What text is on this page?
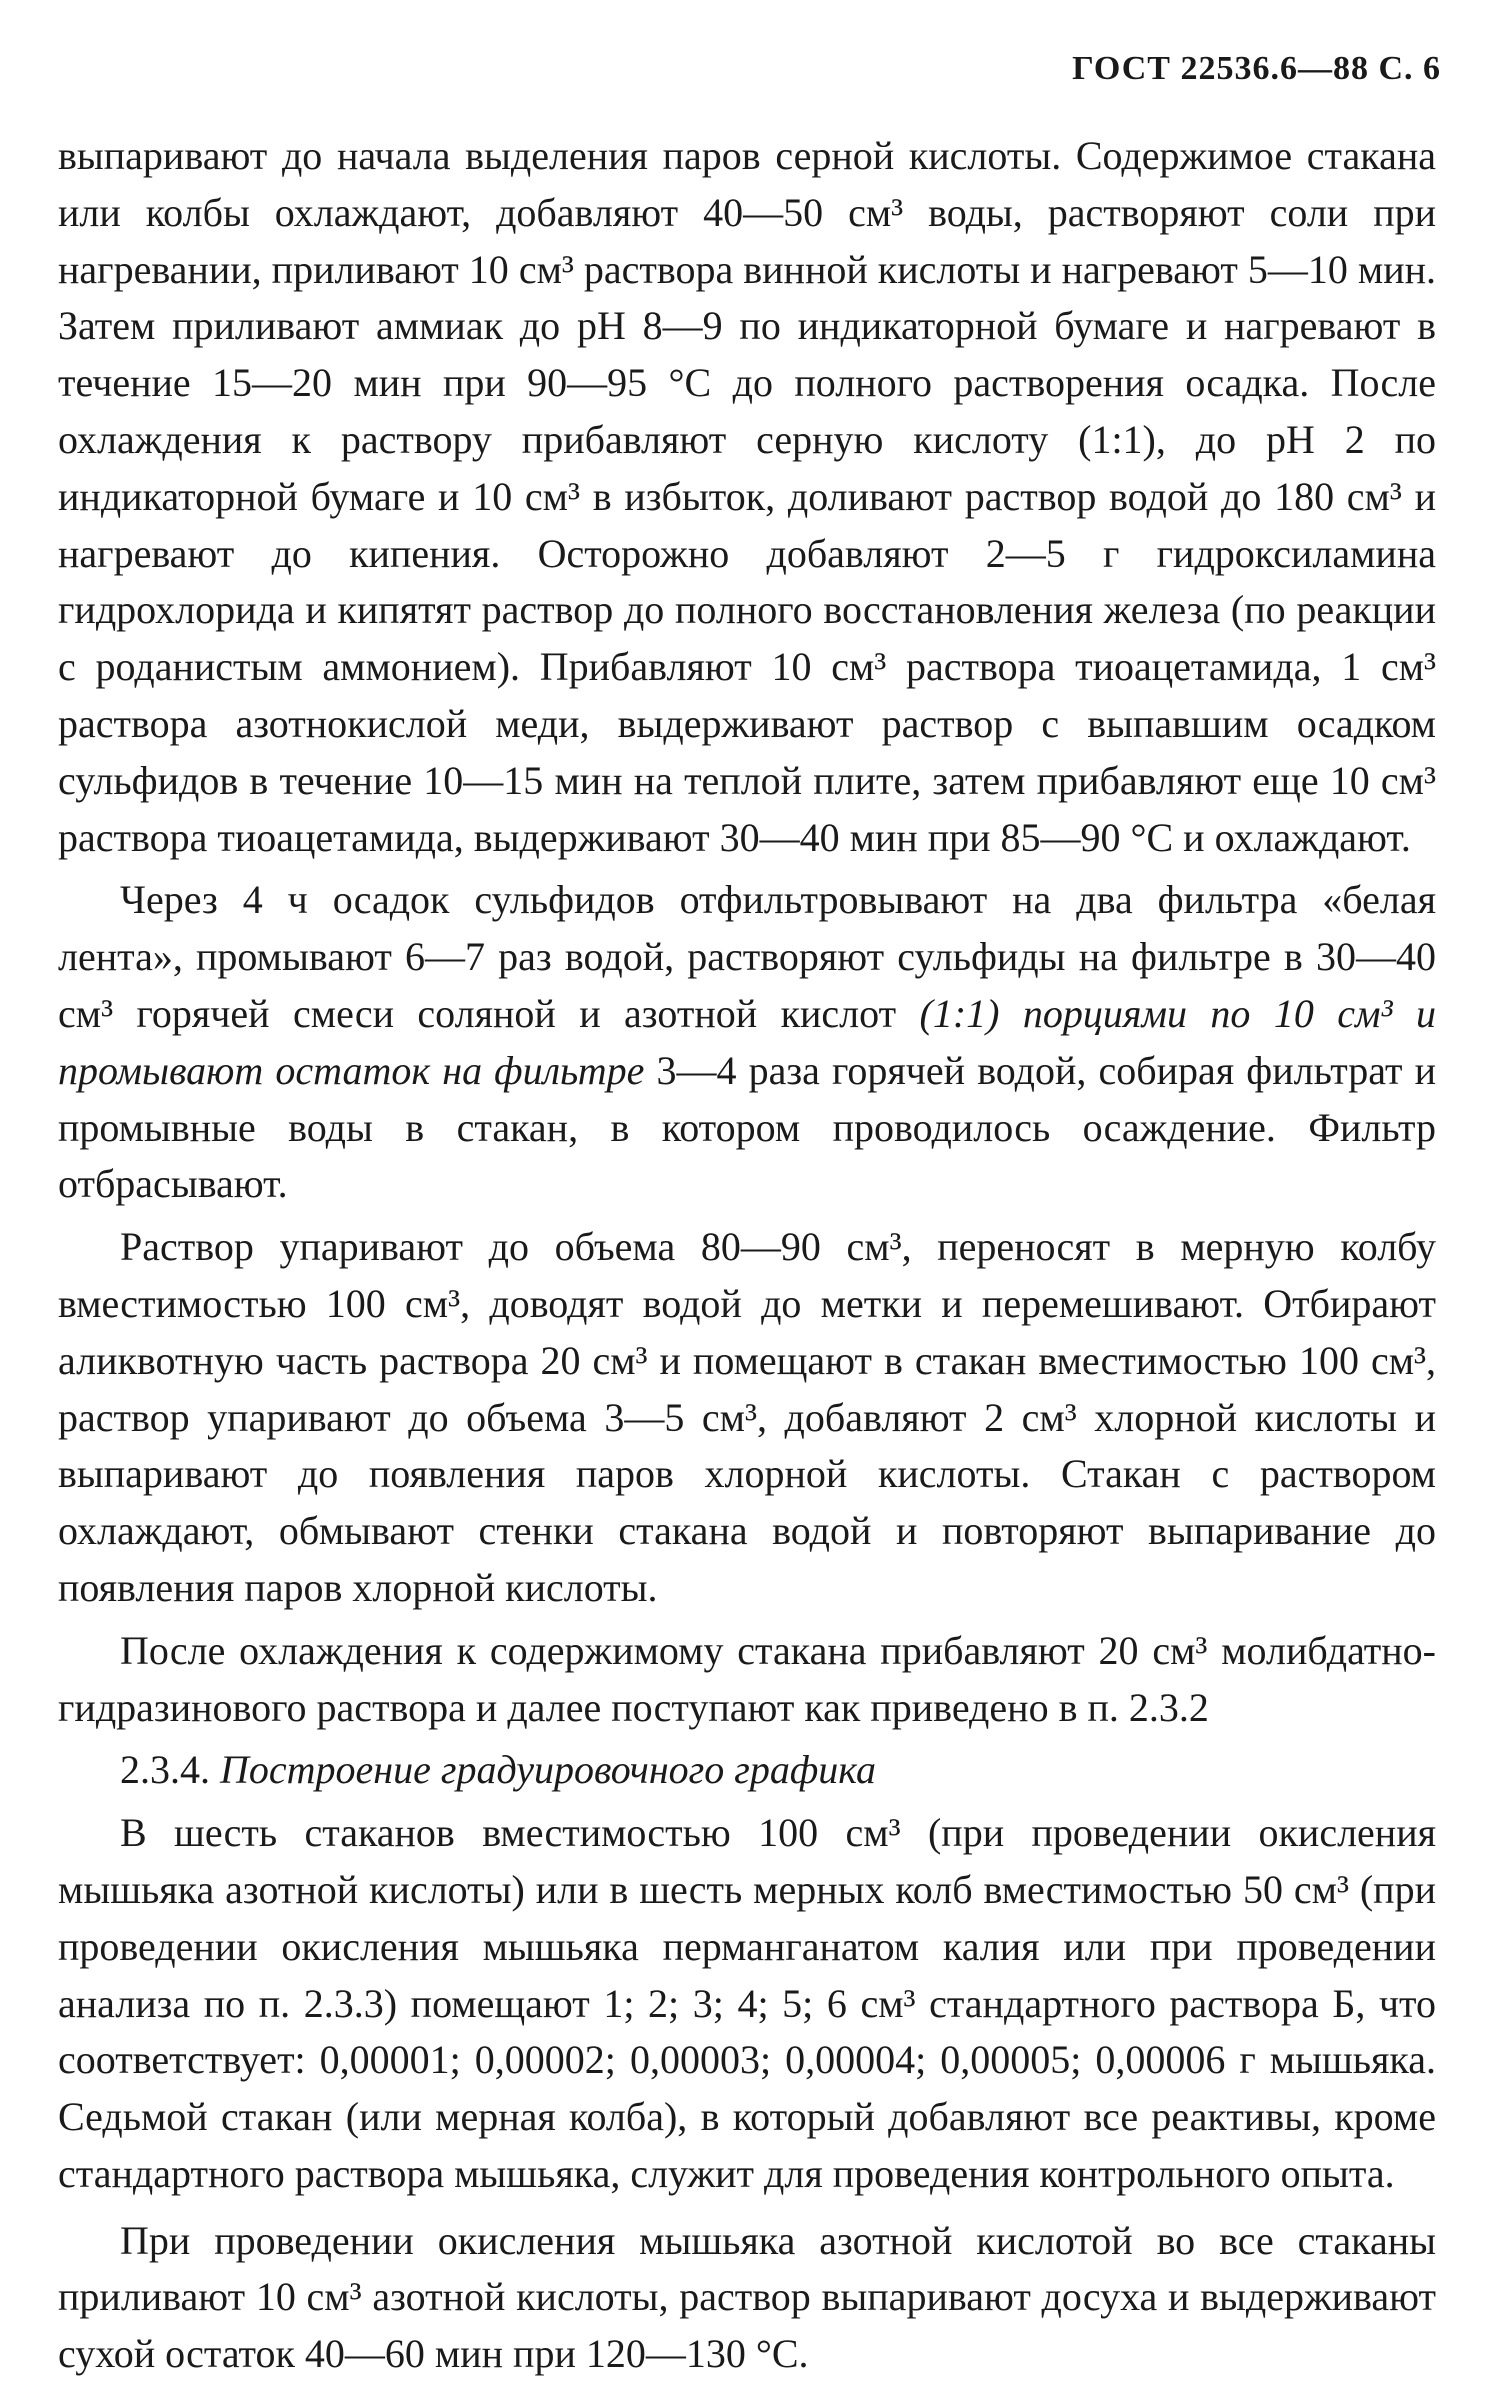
ГОСТ 22536.6—88 С. 6

выпаривают до начала выделения паров серной кислоты. Содержимое стакана или колбы охлаждают, добавляют 40—50 см³ воды, растворяют соли при нагревании, приливают 10 см³ раствора винной кислоты и нагревают 5—10 мин. Затем приливают аммиак до рН 8—9 по индикаторной бумаге и нагревают в течение 15—20 мин при 90—95 °С до полного растворения осадка. После охлаждения к раствору прибавляют серную кислоту (1:1), до рН 2 по индикаторной бумаге и 10 см³ в избыток, доливают раствор водой до 180 см³ и нагревают до кипения. Осторожно добавляют 2—5 г гидроксиламина гидрохлорида и кипятят раствор до полного восстановления железа (по реакции с роданистым аммонием). Прибавляют 10 см³ раствора тиоацетамида, 1 см³ раствора азотнокислой меди, выдерживают раствор с выпавшим осадком сульфидов в течение 10—15 мин на теплой плите, затем прибавляют еще 10 см³ раствора тиоацетамида, выдерживают 30—40 мин при 85—90 °С и охлаждают.

Через 4 ч осадок сульфидов отфильтровывают на два фильтра «белая лента», промывают 6—7 раз водой, растворяют сульфиды на фильтре в 30—40 см³ горячей смеси соляной и азотной кислот (1:1) порциями по 10 см³ и промывают остаток на фильтре 3—4 раза горячей водой, собирая фильтрат и промывные воды в стакан, в котором проводилось осаждение. Фильтр отбрасывают.

Раствор упаривают до объема 80—90 см³, переносят в мерную колбу вместимостью 100 см³, доводят водой до метки и перемешивают. Отбирают аликвотную часть раствора 20 см³ и помещают в стакан вместимостью 100 см³, раствор упаривают до объема 3—5 см³, добавляют 2 см³ хлорной кислоты и выпаривают до появления паров хлорной кислоты. Стакан с раствором охлаждают, обмывают стенки стакана водой и повторяют выпаривание до появления паров хлорной кислоты.

После охлаждения к содержимому стакана прибавляют 20 см³ молибдатно-гидразинового раствора и далее поступают как приведено в п. 2.3.2

2.3.4. Построение градуировочного графика

В шесть стаканов вместимостью 100 см³ (при проведении окисления мышьяка азотной кислоты) или в шесть мерных колб вместимостью 50 см³ (при проведении окисления мышьяка перманганатом калия или при проведении анализа по п. 2.3.3) помещают 1; 2; 3; 4; 5; 6 см³ стандартного раствора Б, что соответствует: 0,00001; 0,00002; 0,00003; 0,00004; 0,00005; 0,00006 г мышьяка. Седьмой стакан (или мерная колба), в который добавляют все реактивы, кроме стандартного раствора мышьяка, служит для проведения контрольного опыта.

При проведении окисления мышьяка азотной кислотой во все стаканы приливают 10 см³ азотной кислоты, раствор выпаривают досуха и выдерживают сухой остаток 40—60 мин при 120—130 °С.
